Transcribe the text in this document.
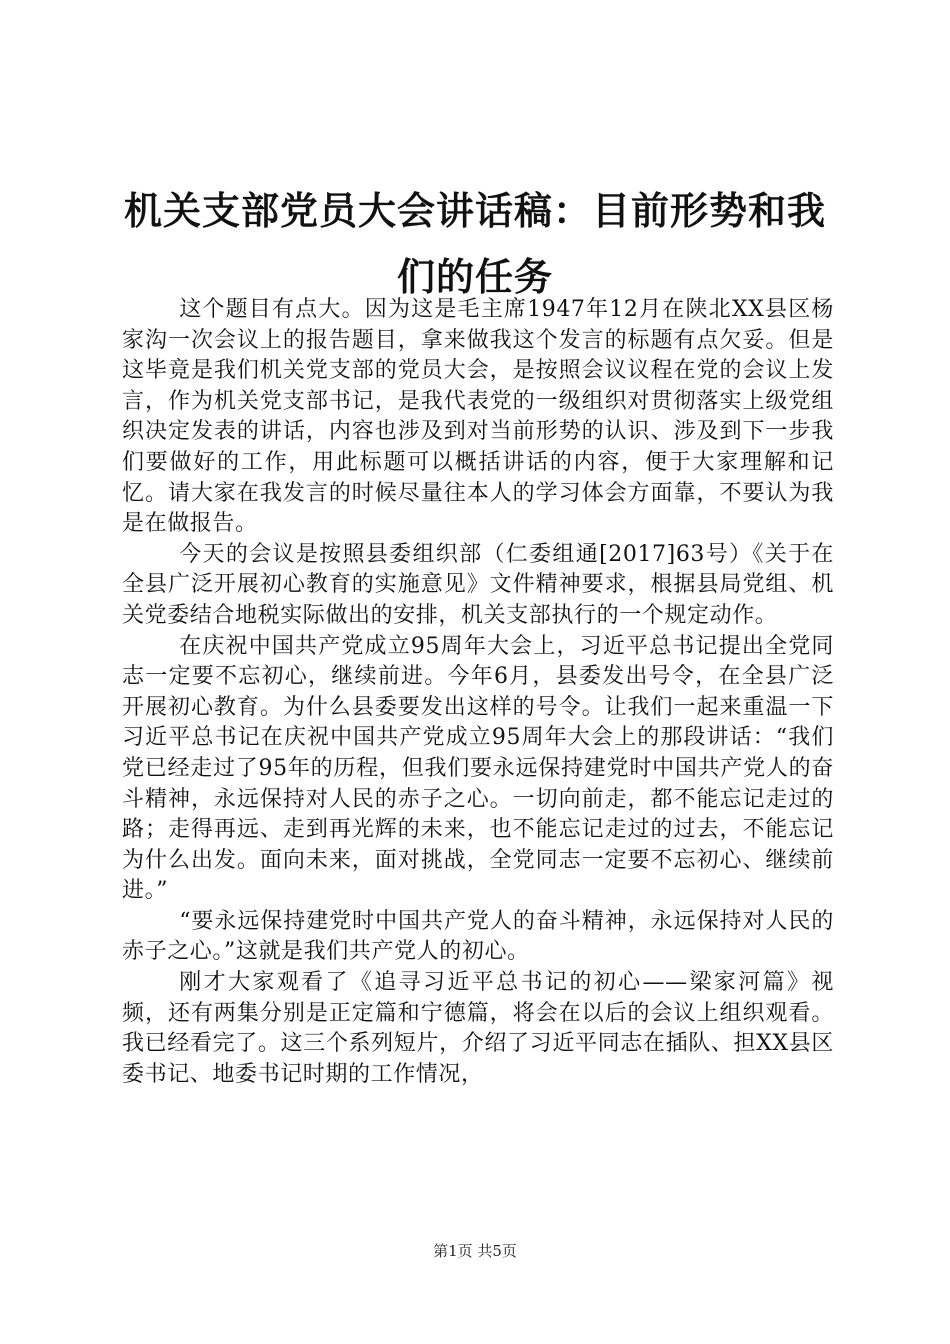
机关支部党员大会讲话稿：目前形势和我们的任务

这个题目有点大。因为这是毛主席1947年12月在陕北XX县区杨家沟一次会议上的报告题目，拿来做我这个发言的标题有点欠妥。但是这毕竟是我们机关党支部的党员大会，是按照会议议程在党的会议上发言，作为机关党支部书记，是我代表党的一级组织对贯彻落实上级党组织决定发表的讲话，内容也涉及到对当前形势的认识、涉及到下一步我们要做好的工作，用此标题可以概括讲话的内容，便于大家理解和记忆。请大家在我发言的时候尽量往本人的学习体会方面靠，不要认为我是在做报告。

今天的会议是按照县委组织部（仁委组通[2017]63号）《关于在全县广泛开展初心教育的实施意见》文件精神要求，根据县局党组、机关党委结合地税实际做出的安排，机关支部执行的一个规定动作。

在庆祝中国共产党成立95周年大会上，习近平总书记提出全党同志一定要不忘初心，继续前进。今年6月，县委发出号令，在全县广泛开展初心教育。为什么县委要发出这样的号令。让我们一起来重温一下习近平总书记在庆祝中国共产党成立95周年大会上的那段讲话：“我们党已经走过了95年的历程，但我们要永远保持建党时中国共产党人的奋斗精神，永远保持对人民的赤子之心。一切向前走，都不能忘记走过的路；走得再远、走到再光辉的未来，也不能忘记走过的过去，不能忘记为什么出发。面向未来，面对挑战，全党同志一定要不忘初心、继续前进。”

“要永远保持建党时中国共产党人的奋斗精神，永远保持对人民的赤子之心。”这就是我们共产党人的初心。

刚才大家观看了《追寻习近平总书记的初心——梁家河篇》视频，还有两集分别是正定篇和宁德篇，将会在以后的会议上组织观看。我已经看完了。这三个系列短片，介绍了习近平同志在插队、担XX县区委书记、地委书记时期的工作情况，

第1页 共5页
